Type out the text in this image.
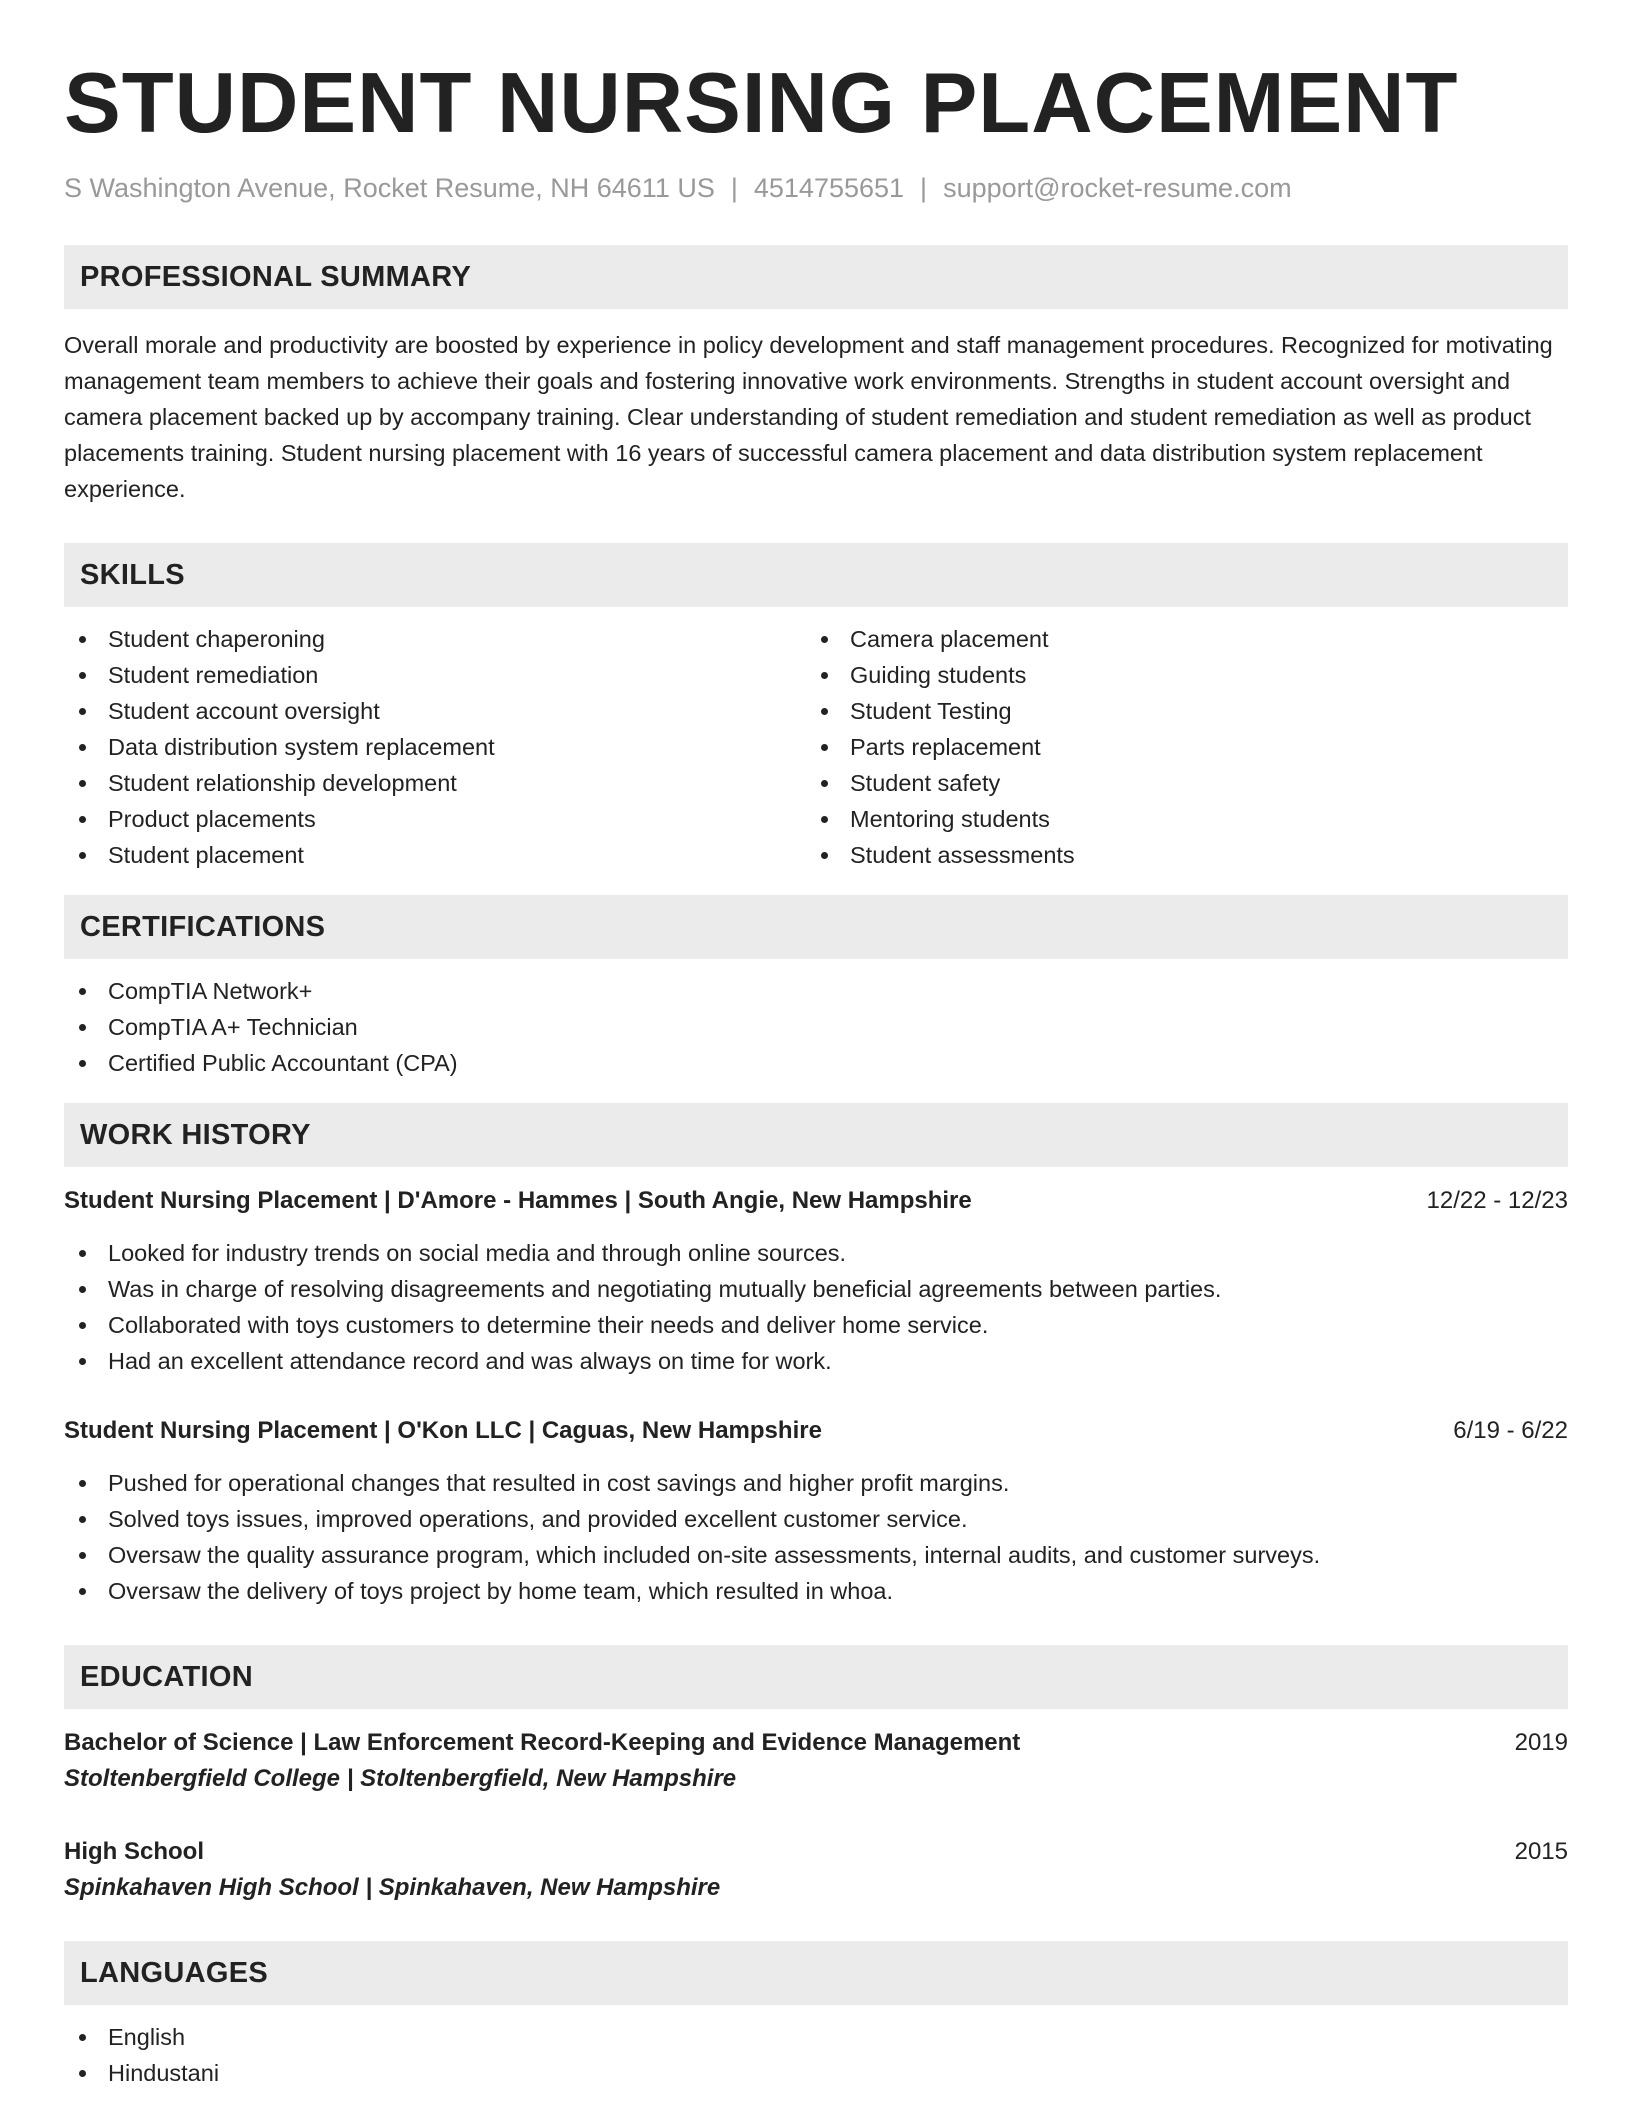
STUDENT NURSING PLACEMENT
S Washington Avenue, Rocket Resume, NH 64611 US | 4514755651 | support@rocket-resume.com
PROFESSIONAL SUMMARY

Overall morale and productivity are boosted by experience in policy development and staff management procedures. Recognized for motivating management team members to achieve their goals and fostering innovative work environments. Strengths in student account oversight and camera placement backed up by accompany training. Clear understanding of student remediation and student remediation as well as product placements training. Student nursing placement with 16 years of successful camera placement and data distribution system replacement experience.

SKILLS
Student chaperoning
Student remediation
Student account oversight
Data distribution system replacement
Student relationship development
Product placements
Student placement
Camera placement
Guiding students
Student Testing
Parts replacement
Student safety
Mentoring students
Student assessments
CERTIFICATIONS
CompTIA Network+
CompTIA A+ Technician
Certified Public Accountant (CPA)
WORK HISTORY
Student Nursing Placement | D'Amore - Hammes | South Angie, New Hampshire	12/22 - 12/23
Looked for industry trends on social media and through online sources.
Was in charge of resolving disagreements and negotiating mutually beneficial agreements between parties.
Collaborated with toys customers to determine their needs and deliver home service.
Had an excellent attendance record and was always on time for work.
Student Nursing Placement | O'Kon LLC | Caguas, New Hampshire	6/19 - 6/22
Pushed for operational changes that resulted in cost savings and higher profit margins.
Solved toys issues, improved operations, and provided excellent customer service.
Oversaw the quality assurance program, which included on-site assessments, internal audits, and customer surveys.
Oversaw the delivery of toys project by home team, which resulted in whoa.
EDUCATION
Bachelor of Science | Law Enforcement Record-Keeping and Evidence Management	2019
Stoltenbergfield College | Stoltenbergfield, New Hampshire
High School	2015
Spinkahaven High School | Spinkahaven, New Hampshire
LANGUAGES
English
Hindustani
